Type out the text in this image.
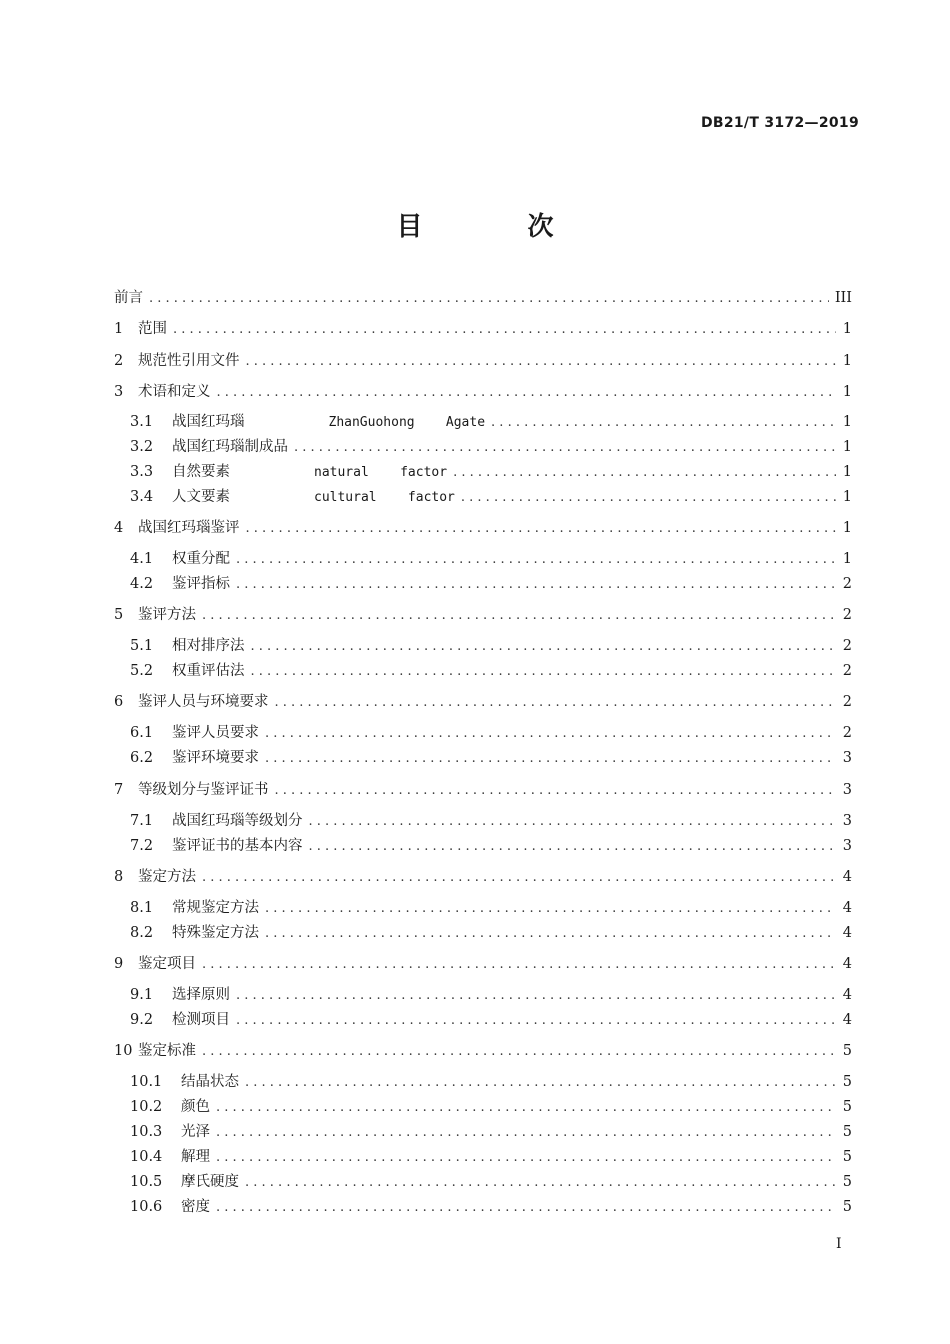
DB21/T 3172—2019
目 次
前言 . . .	III
1	范围 . . .	1
2	规范性引用文件 . . .	1
3	术语和定义 . . .	1
3.1	战国红玛瑙	ZhanGuohong    Agate . . .	1
3.2	战国红玛瑙制成品 . . .	1
3.3	自然要素	natural    factor . . .	1
3.4	人文要素	cultural    factor . . .	1
4	战国红玛瑙鉴评 . . .	1
4.1	权重分配 . . .	1
4.2	鉴评指标 . . .	2
5	鉴评方法 . . .	2
5.1	相对排序法 . . .	2
5.2	权重评估法 . . .	2
6	鉴评人员与环境要求 . . .	2
6.1	鉴评人员要求 . . .	2
6.2	鉴评环境要求 . . .	3
7	等级划分与鉴评证书 . . .	3
7.1	战国红玛瑙等级划分 . . .	3
7.2	鉴评证书的基本内容 . . .	3
8	鉴定方法 . . .	4
8.1	常规鉴定方法 . . .	4
8.2	特殊鉴定方法 . . .	4
9	鉴定项目 . . .	4
9.1	选择原则 . . .	4
9.2	检测项目 . . .	4
10 鉴定标准 . . .	5
10.1	结晶状态 . . .	5
10.2	颜色 . . .	5
10.3	光泽 . . .	5
10.4	解理 . . .	5
10.5	摩氏硬度 . . .	5
10.6	密度 . . .	5
I
